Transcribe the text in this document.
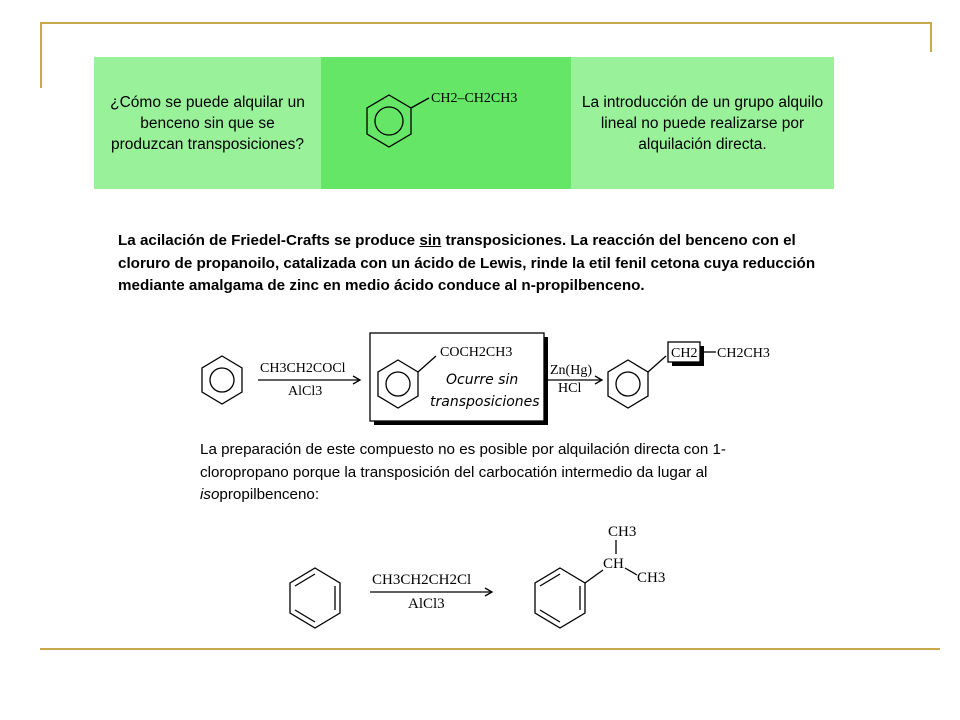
¿Cómo se puede alquilar un benceno sin que se produzcan transposiciones?
CH2–CH2CH3	La introducción de un grupo alquilo lineal no puede realizarse por alquilación directa.
La acilación de Friedel-Crafts se produce sin transposiciones. La reacción del benceno con el cloruro de propanoilo, catalizada con un ácido de Lewis, rinde la etil fenil cetona cuya reducción mediante amalgama de zinc en medio ácido conduce al n-propilbenceno.
CH3CH2COCl
AlCl3
COCH2CH3
Ocurre sin
transposiciones
Zn(Hg)
HCl
CH2 CH2CH3
La preparación de este compuesto no es posible por alquilación directa con 1-cloropropano porque la transposición del carbocatión intermedio da lugar al isopropilbenceno:
CH3CH2CH2Cl
AlCl3
CH3
CH
CH3
